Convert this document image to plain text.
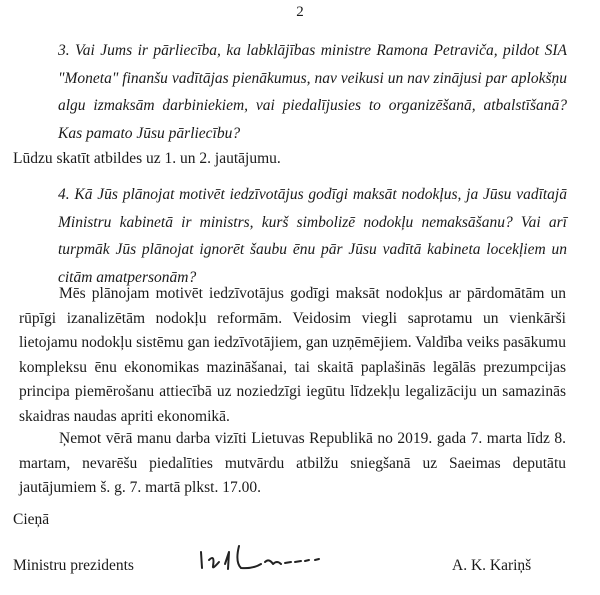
2

3. Vai Jums ir pārliecība, ka labklājības ministre Ramona Petraviča, pildot SIA "Moneta" finanšu vadītājas pienākumus, nav veikusi un nav zinājusi par aplokšņu algu izmaksām darbiniekiem, vai piedalījusies to organizēšanā, atbalstīšanā? Kas pamato Jūsu pārliecību?

Lūdzu skatīt atbildes uz 1. un 2. jautājumu.

4. Kā Jūs plānojat motivēt iedzīvotājus godīgi maksāt nodokļus, ja Jūsu vadītajā Ministru kabinetā ir ministrs, kurš simbolizē nodokļu nemaksāšanu? Vai arī turpmāk Jūs plānojat ignorēt šaubu ēnu pār Jūsu vadītā kabineta locekļiem un citām amatpersonām?

Mēs plānojam motivēt iedzīvotājus godīgi maksāt nodokļus ar pārdomātām un rūpīgi izanalizētām nodokļu reformām. Veidosim viegli saprotamu un vienkārši lietojamu nodokļu sistēmu gan iedzīvotājiem, gan uzņēmējiem. Valdība veiks pasākumu kompleksu ēnu ekonomikas mazināšanai, tai skaitā paplašinās legālās prezumpcijas principa piemērošanu attiecībā uz noziedzīgi iegūtu līdzekļu legalizāciju un samazinās skaidras naudas apriti ekonomikā.

Ņemot vērā manu darba vizīti Lietuvas Republikā no 2019. gada 7. marta līdz 8. martam, nevarēšu piedalīties mutvārdu atbilžu sniegšanā uz Saeimas deputātu jautājumiem š. g. 7. martā plkst. 17.00.

Cieņā

Ministru prezidents	A. K. Kariņš
